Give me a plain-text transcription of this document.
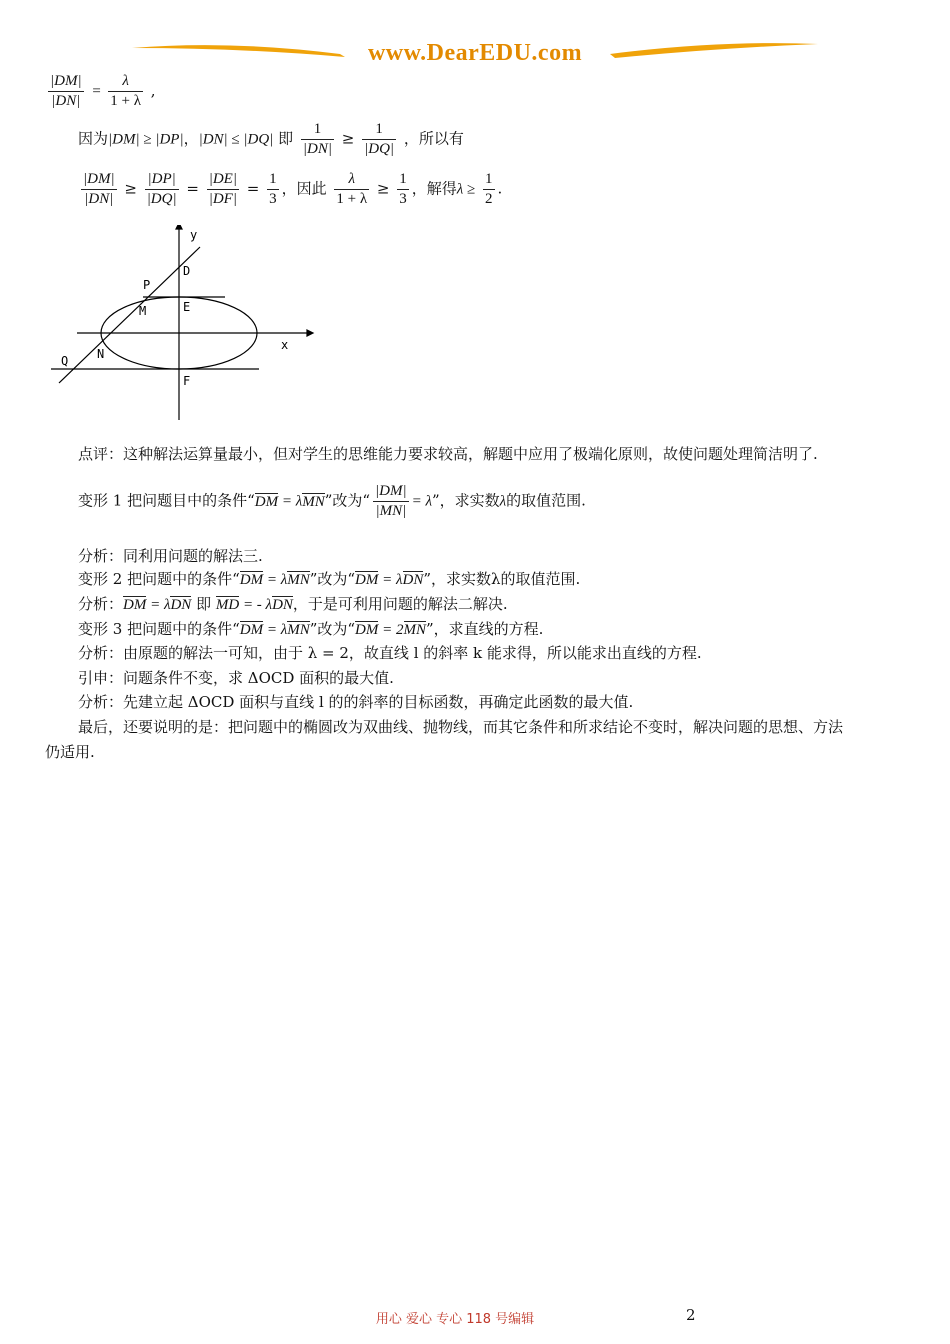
www.DearEDU.com
$\frac{|DM|}{|DN|} = \frac{\lambda}{1 + \lambda}$ ,
因为|DM| ≥ |DP|，|DN| ≤ |DQ| 即 $\frac{1}{|DN|} \ge \frac{1}{|DQ|}$ ，所以有
$\frac{|DM|}{|DN|} \ge \frac{|DP|}{|DQ|} = \frac{|DE|}{|DF|} = \frac{1}{3}$ ，因此 $\frac{\lambda}{1 + \lambda} \ge \frac{1}{3}$ ，解得$\lambda \ge \frac{1}{2}$ .
y
x
D
P
M	E
Q N
F
点评：这种解法运算量最小，但对学生的思维能力要求较高，解题中应用了极端化原则，故使问题处理简洁明了.
变形 1 把问题目中的条件“DM = λMN”改为“ $\frac{|DM|}{|MN|} = \lambda$”，求实数λ的取值范围.
分析：同利用问题的解法三.
变形 2 把问题中的条件“DM = λMN”改为“DM = λDN”，求实数λ的取值范围.
分析：DM = λDN 即 MD = - λDN，于是可利用问题的解法二解决.
变形 3 把问题中的条件“DM = λMN”改为“DM = 2MN”，求直线的方程.
分析：由原题的解法一可知，由于 λ = 2，故直线 l 的斜率 k 能求得，所以能求出直线的方程.
引申：问题条件不变，求 ΔOCD 面积的最大值.
分析：先建立起 ΔOCD 面积与直线 l 的的斜率的目标函数，再确定此函数的最大值.
最后，还要说明的是：把问题中的椭圆改为双曲线、抛物线，而其它条件和所求结论不变时，解决问题的思想、方法
仍适用.
用心 爱心 专心 118 号编辑	2
